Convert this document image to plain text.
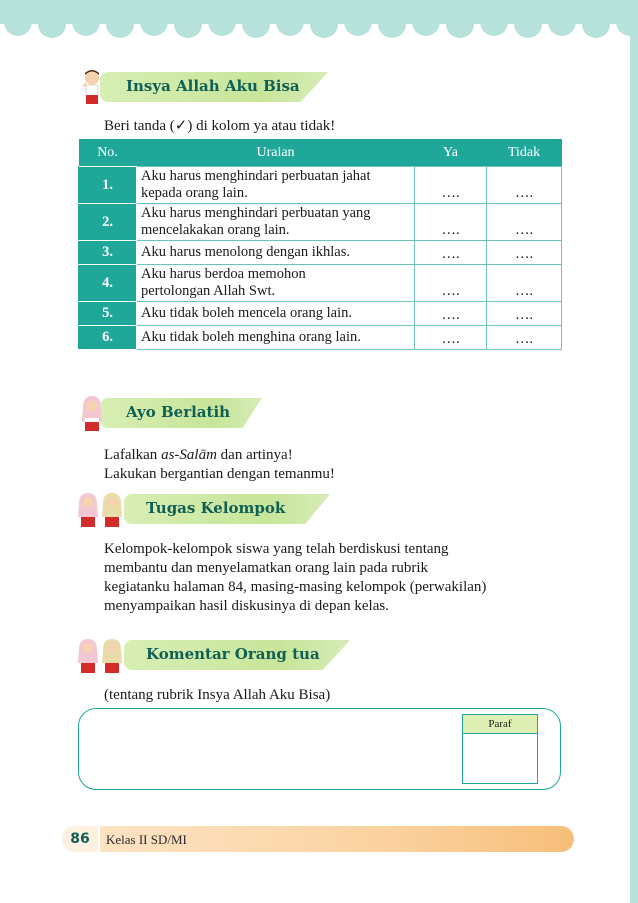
Insya Allah Aku Bisa
Beri tanda (✓) di kolom ya atau tidak!
No.	Uraian	Ya	Tidak
1.	Aku harus menghindari perbuatan jahat
kepada orang lain.	….	….
2.	Aku harus menghindari perbuatan yang
mencelakakan orang lain.	….	….
3.	Aku harus menolong dengan ikhlas.	….	….
4.	Aku harus berdoa memohon
pertolongan Allah Swt.	….	….
5.	Aku tidak boleh mencela orang lain.	….	….
6.	Aku tidak boleh menghina orang lain.	….	….
Ayo Berlatih
Lafalkan as-Salām dan artinya!
Lakukan bergantian dengan temanmu!
Tugas Kelompok
Kelompok-kelompok siswa yang telah berdiskusi tentang
membantu dan menyelamatkan orang lain pada rubrik
kegiatanku halaman 84, masing-masing kelompok (perwakilan)
menyampaikan hasil diskusinya di depan kelas.
Komentar Orang tua
(tentang rubrik Insya Allah Aku Bisa)
Paraf
86	Kelas II SD/MI
